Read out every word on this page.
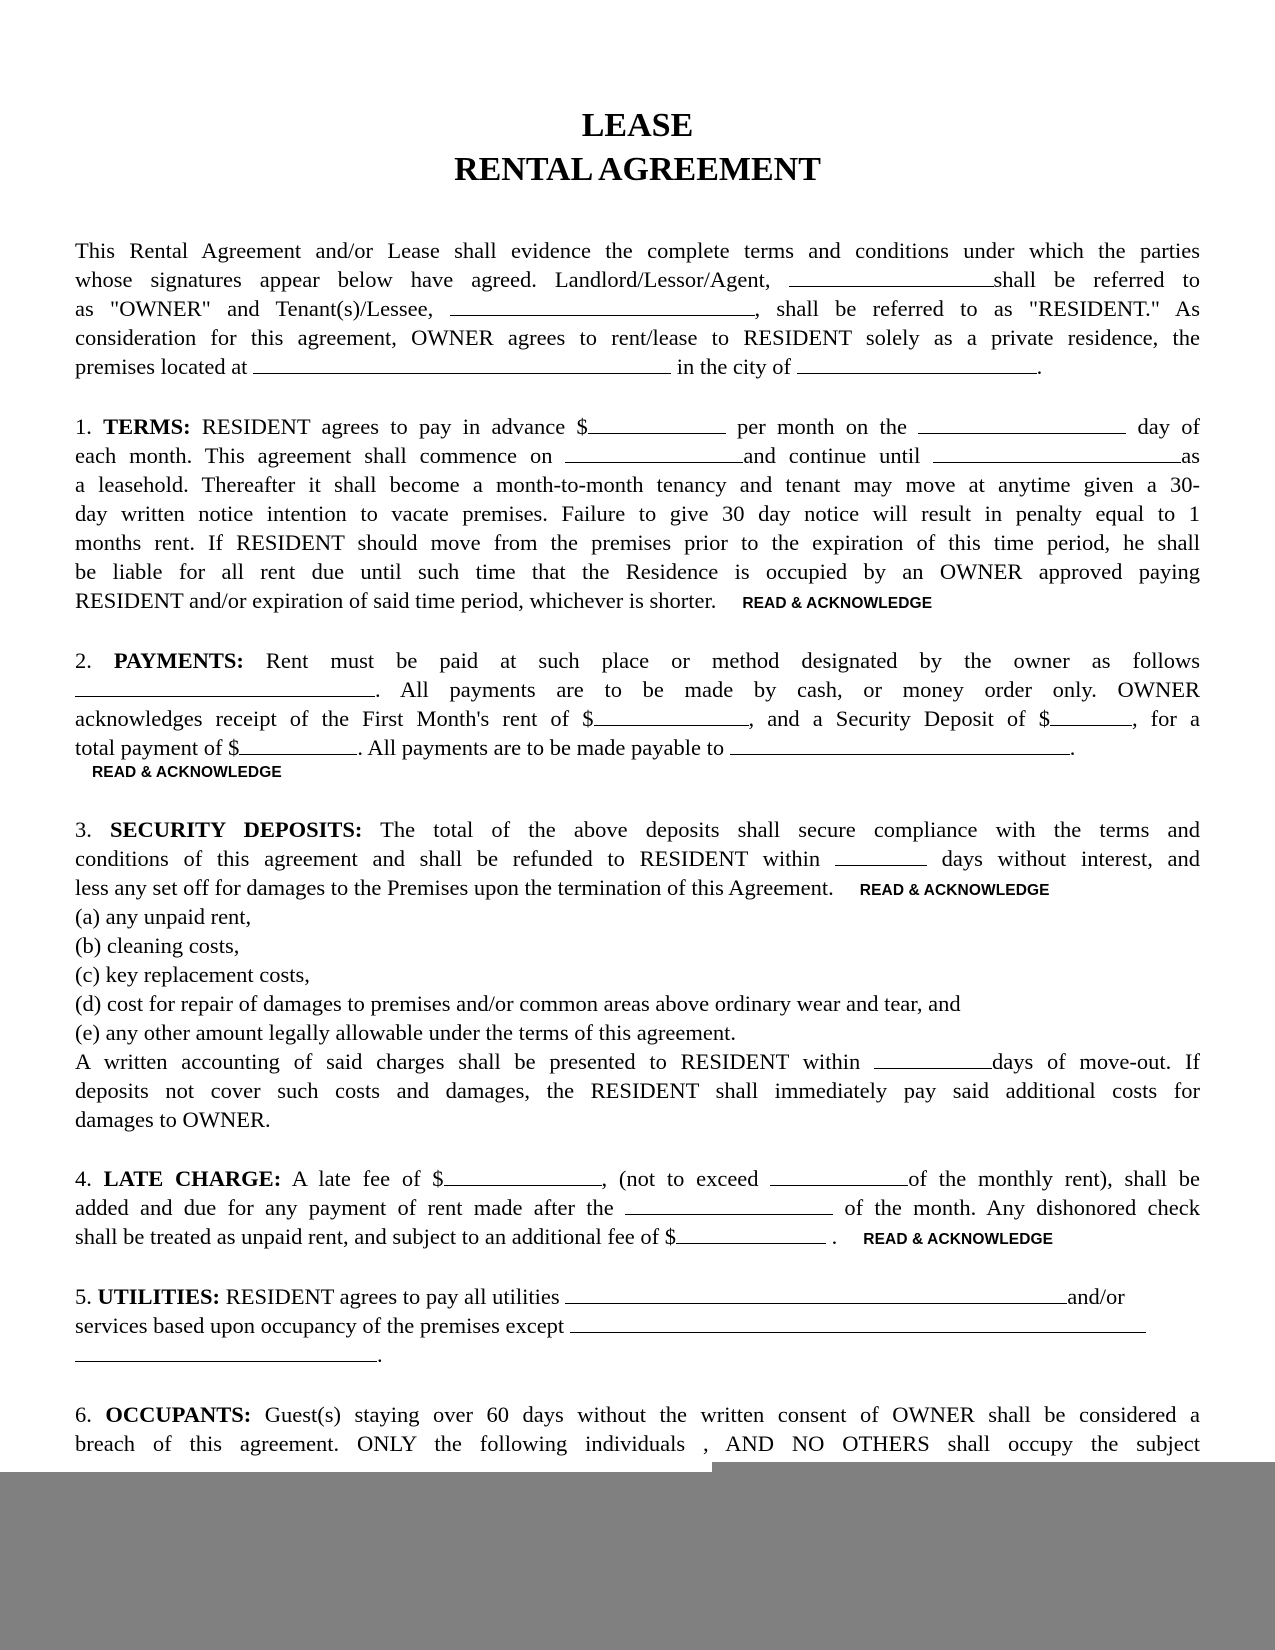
LEASE
RENTAL AGREEMENT
This Rental Agreement and/or Lease shall evidence the complete terms and conditions under which the parties
whose signatures appear below have agreed. Landlord/Lessor/Agent,	shall be referred to
as "OWNER" and Tenant(s)/Lessee,	, shall be referred to as "RESIDENT." As
consideration for this agreement, OWNER agrees to rent/lease to RESIDENT solely as a private residence, the
premises located at	in the city of	.
1. TERMS: RESIDENT agrees to pay in advance $	per month on the	day of
each month. This agreement shall commence on	and continue until	as
a leasehold. Thereafter it shall become a month-to-month tenancy and tenant may move at anytime given a 30-
day written notice intention to vacate premises. Failure to give 30 day notice will result in penalty equal to 1
months rent. If RESIDENT should move from the premises prior to the expiration of this time period, he shall
be liable for all rent due until such time that the Residence is occupied by an OWNER approved paying
RESIDENT and/or expiration of said time period, whichever is shorter. READ & ACKNOWLEDGE
2. PAYMENTS: Rent must be paid at such place or method designated by the owner as follows
. All payments are to be made by cash, or money order only. OWNER
acknowledges receipt of the First Month's rent of $	, and a Security Deposit of $	, for a
total payment of $	. All payments are to be made payable to	.
READ & ACKNOWLEDGE
3. SECURITY DEPOSITS: The total of the above deposits shall secure compliance with the terms and
conditions of this agreement and shall be refunded to RESIDENT within	days without interest, and
less any set off for damages to the Premises upon the termination of this Agreement. READ & ACKNOWLEDGE
(a) any unpaid rent,
(b) cleaning costs,
(c) key replacement costs,
(d) cost for repair of damages to premises and/or common areas above ordinary wear and tear, and
(e) any other amount legally allowable under the terms of this agreement.
A written accounting of said charges shall be presented to RESIDENT within	days of move-out. If
deposits not cover such costs and damages, the RESIDENT shall immediately pay said additional costs for
damages to OWNER.
4. LATE CHARGE: A late fee of $	, (not to exceed	of the monthly rent), shall be
added and due for any payment of rent made after the	of the month. Any dishonored check
shall be treated as unpaid rent, and subject to an additional fee of $	. READ & ACKNOWLEDGE
5. UTILITIES: RESIDENT agrees to pay all utilities	and/or
services based upon occupancy of the premises except
.
6. OCCUPANTS: Guest(s) staying over 60 days without the written consent of OWNER shall be considered a
breach of this agreement. ONLY the following individuals , AND NO OTHERS shall occupy the subject
